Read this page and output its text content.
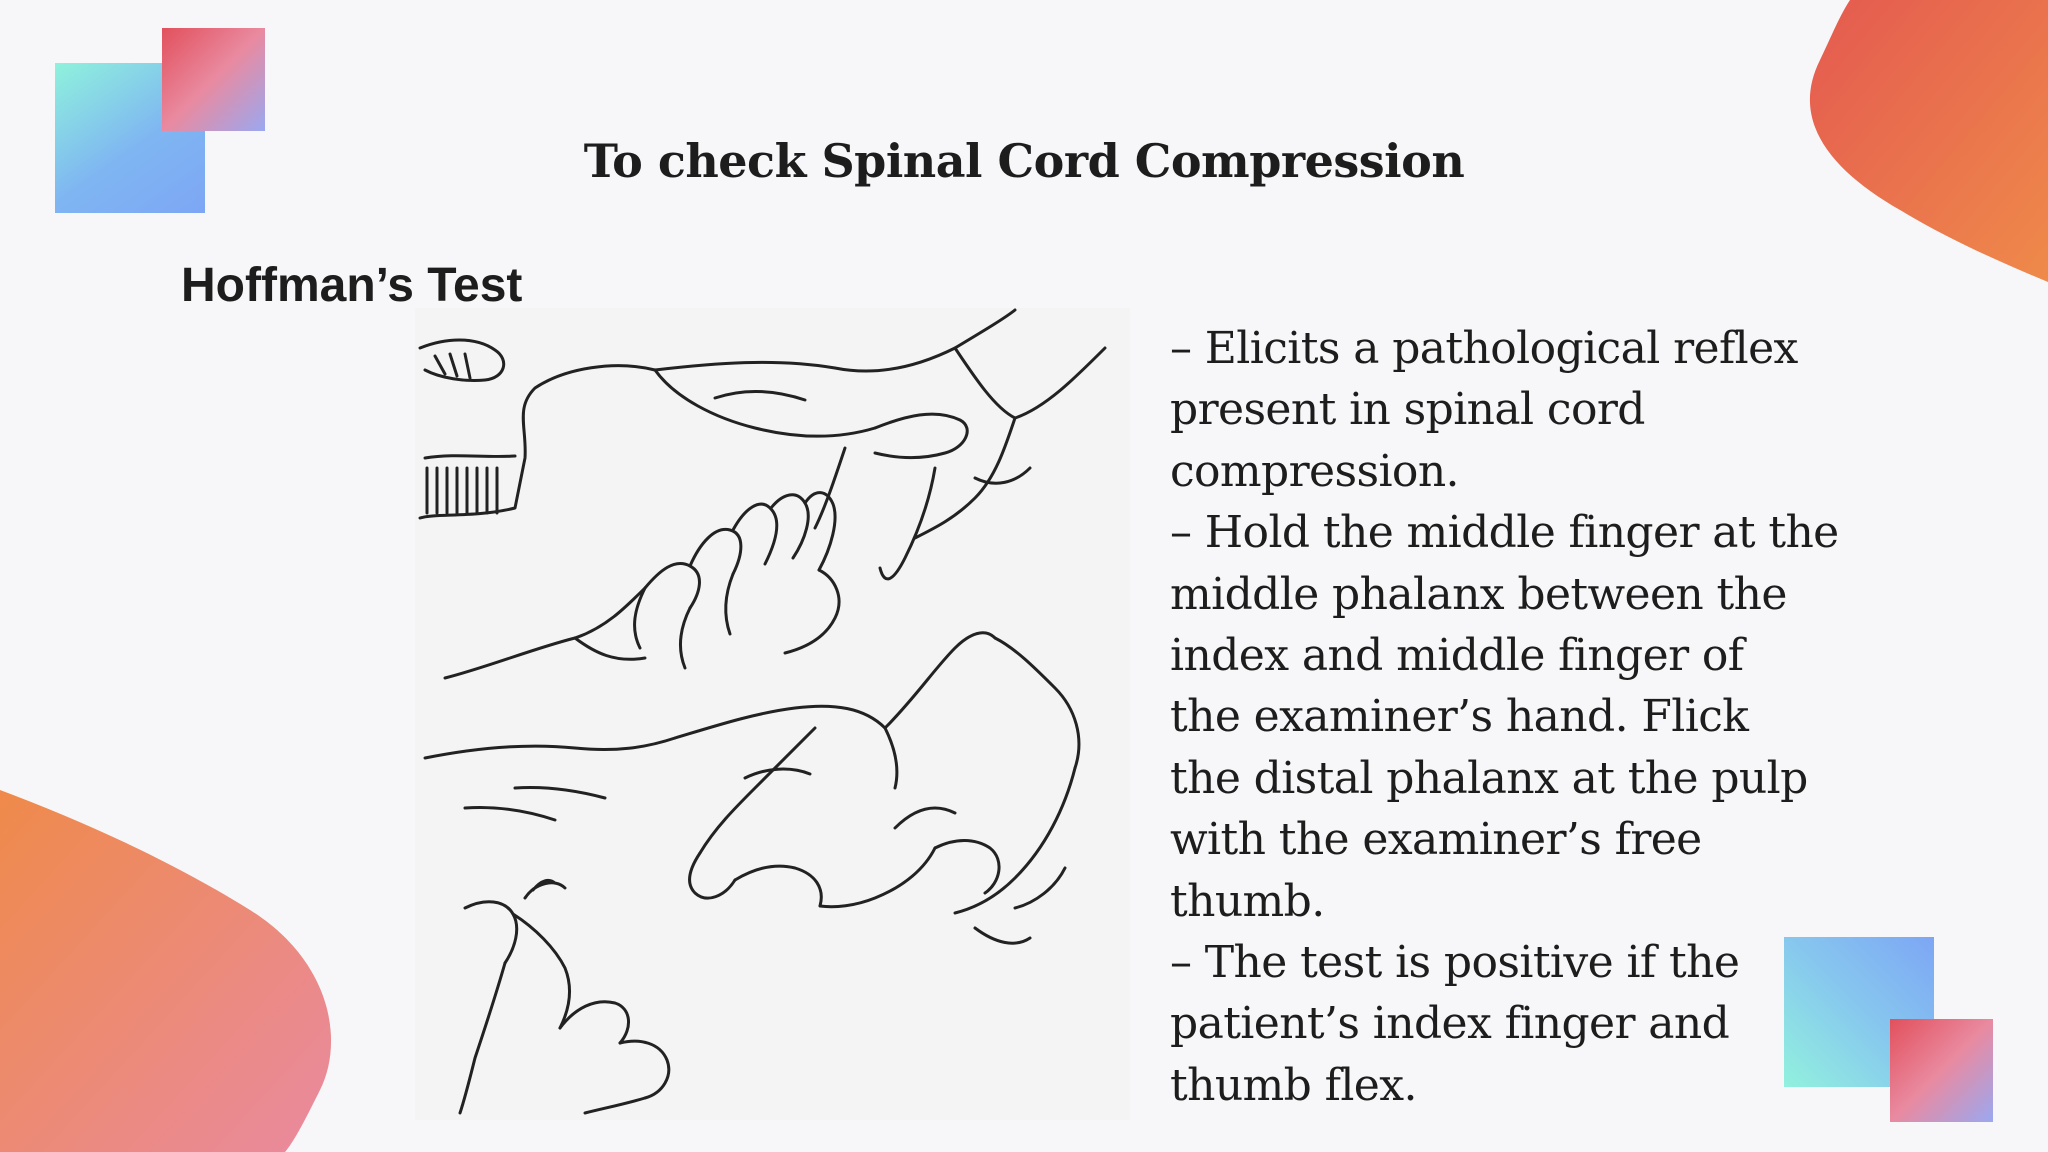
To check Spinal Cord Compression
Hoffman’s Test
– Elicits a pathological reflex
present in spinal cord
compression.
– Hold the middle finger at the
middle phalanx between the
index and middle finger of
the examiner’s hand. Flick
the distal phalanx at the pulp
with the examiner’s free
thumb.
– The test is positive if the
patient’s index finger and
thumb flex.
